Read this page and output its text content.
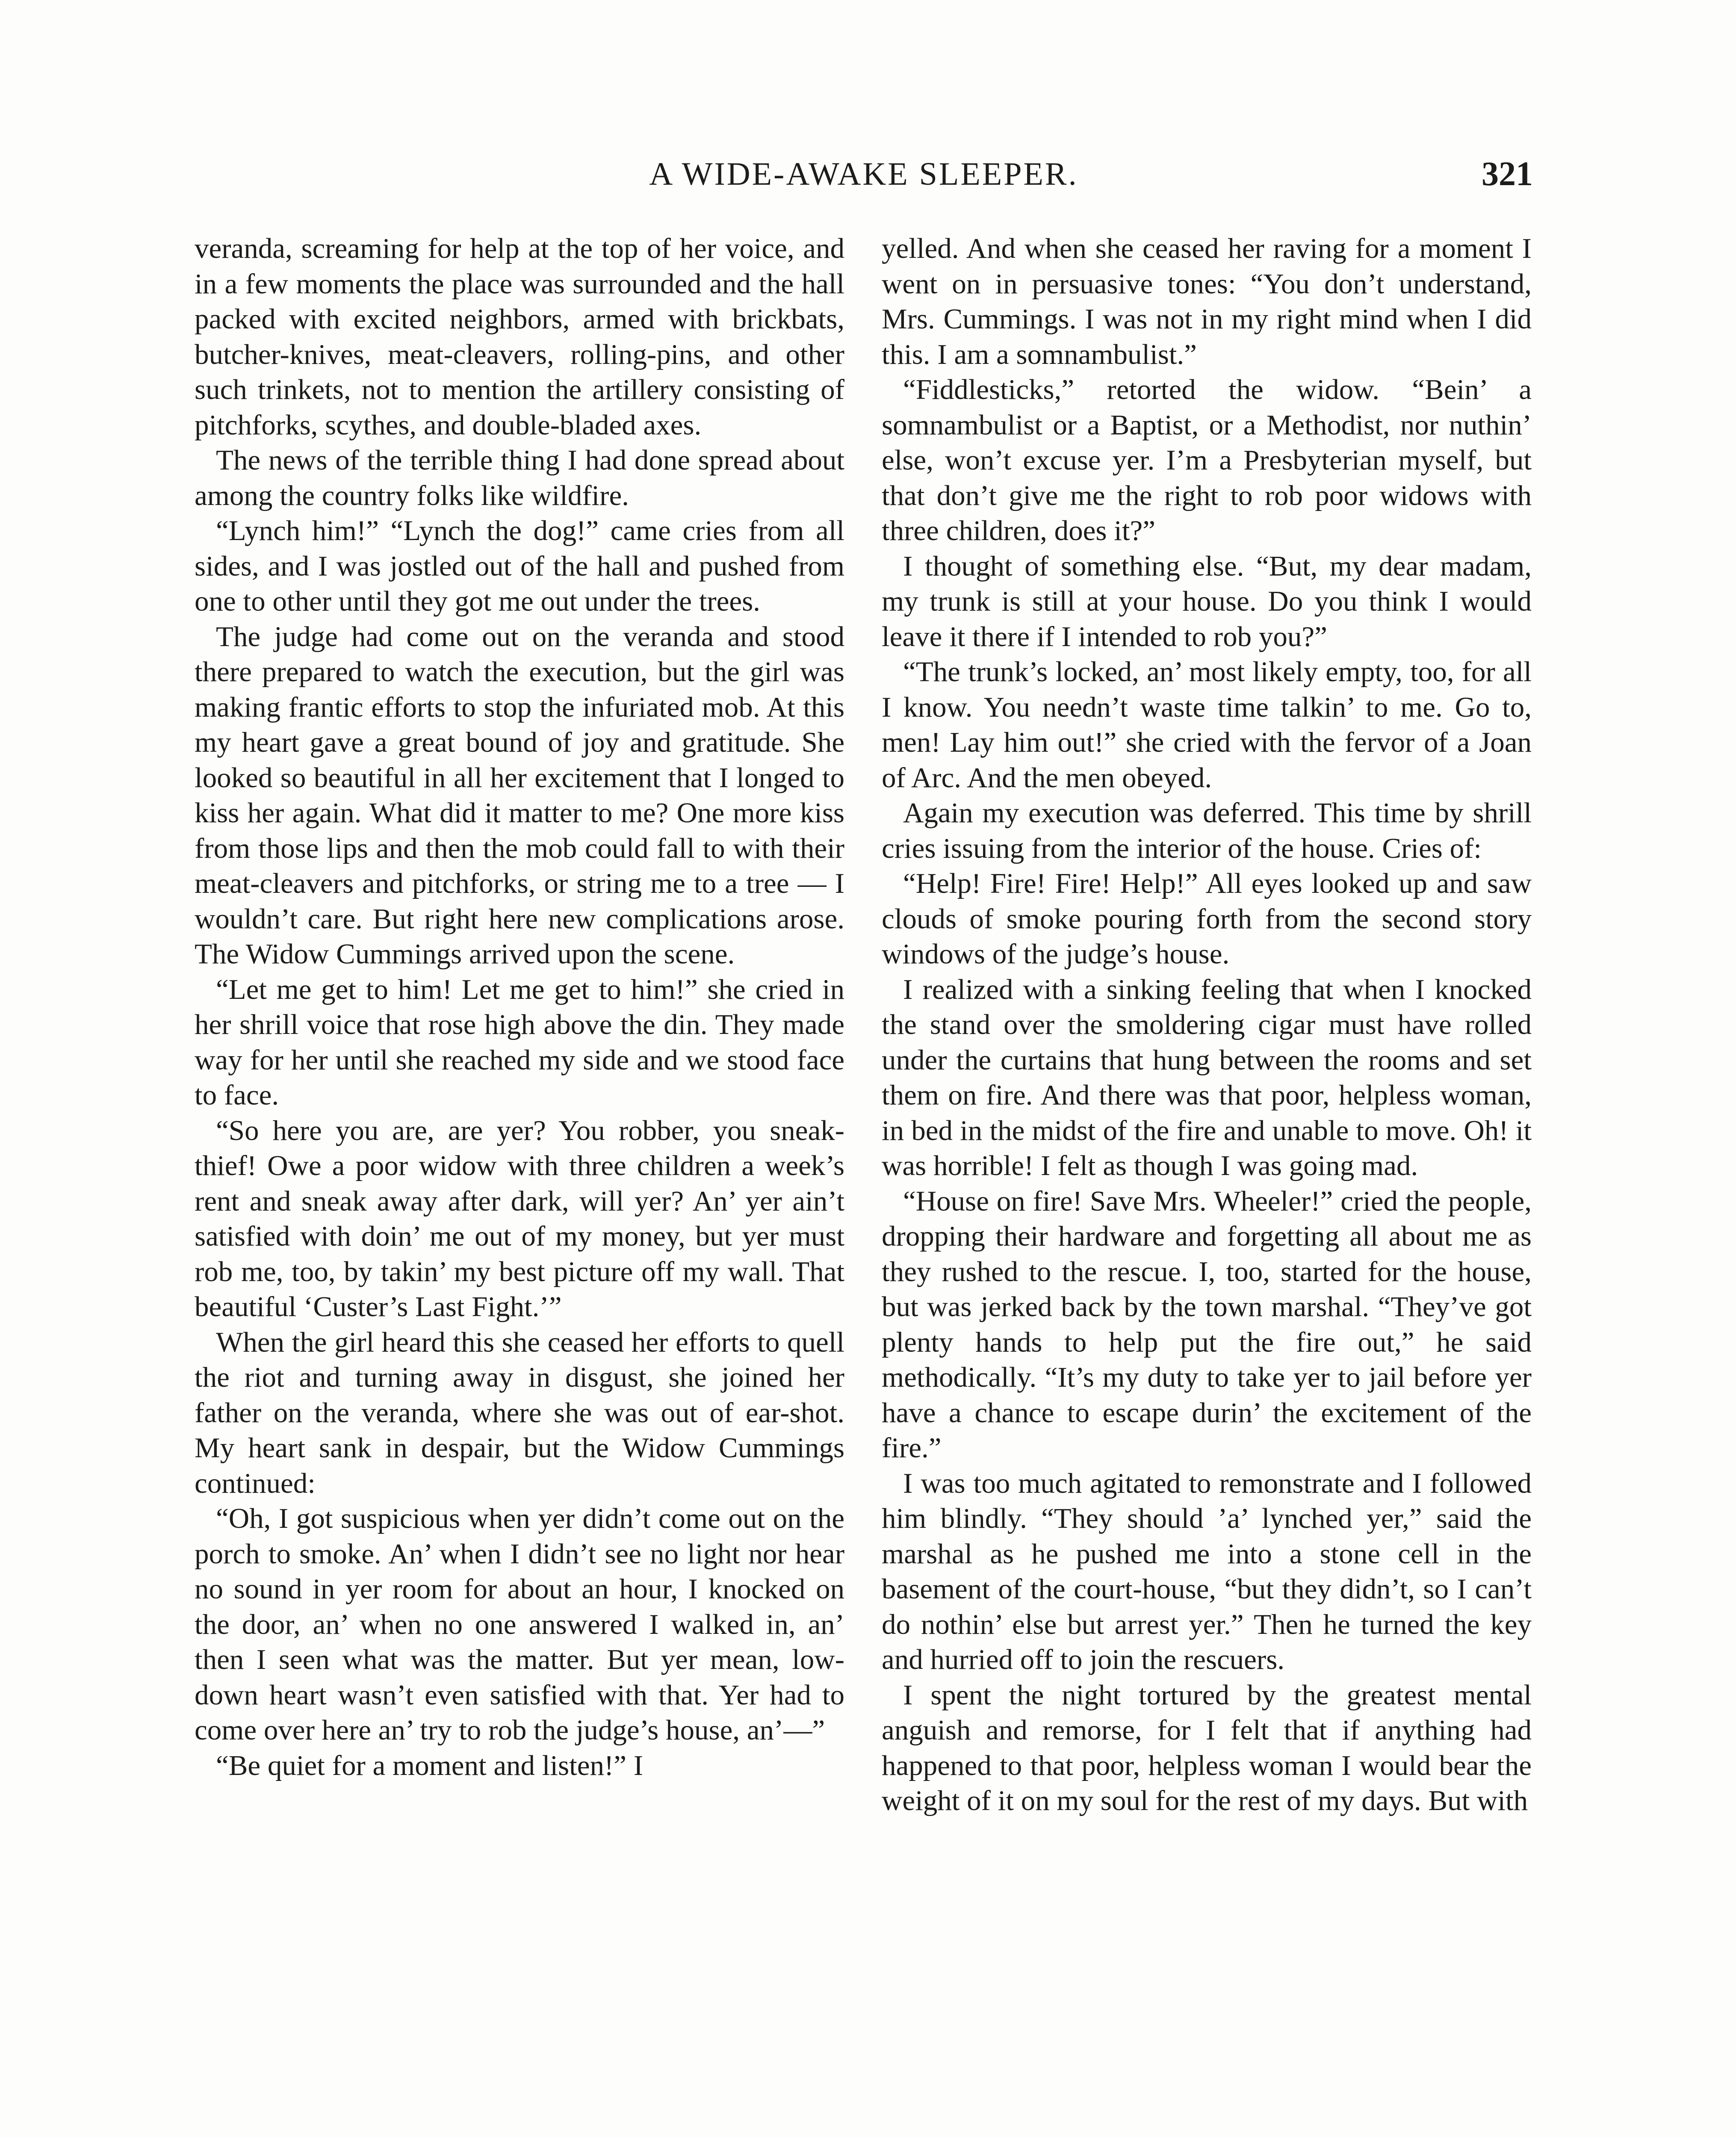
A WIDE-AWAKE SLEEPER.	321

veranda, screaming for help at the top of her voice, and in a few moments the place was surrounded and the hall packed with excited neighbors, armed with brickbats, butcher-knives, meat-cleavers, rolling-pins, and other such trinkets, not to mention the artillery consisting of pitchforks, scythes, and double-bladed axes.

The news of the terrible thing I had done spread about among the country folks like wildfire.

“Lynch him!” “Lynch the dog!” came cries from all sides, and I was jostled out of the hall and pushed from one to other until they got me out under the trees.

The judge had come out on the veranda and stood there prepared to watch the execution, but the girl was making frantic efforts to stop the infuriated mob. At this my heart gave a great bound of joy and gratitude. She looked so beautiful in all her excitement that I longed to kiss her again. What did it matter to me? One more kiss from those lips and then the mob could fall to with their meat-cleavers and pitchforks, or string me to a tree — I wouldn’t care. But right here new complications arose. The Widow Cummings arrived upon the scene.

“Let me get to him! Let me get to him!” she cried in her shrill voice that rose high above the din. They made way for her until she reached my side and we stood face to face.

“So here you are, are yer? You robber, you sneak-thief! Owe a poor widow with three children a week’s rent and sneak away after dark, will yer? An’ yer ain’t satisfied with doin’ me out of my money, but yer must rob me, too, by takin’ my best picture off my wall. That beautiful ‘Custer’s Last Fight.’”

When the girl heard this she ceased her efforts to quell the riot and turning away in disgust, she joined her father on the veranda, where she was out of ear-shot. My heart sank in despair, but the Widow Cummings continued:

“Oh, I got suspicious when yer didn’t come out on the porch to smoke. An’ when I didn’t see no light nor hear no sound in yer room for about an hour, I knocked on the door, an’ when no one answered I walked in, an’ then I seen what was the matter. But yer mean, low-down heart wasn’t even satisfied with that. Yer had to come over here an’ try to rob the judge’s house, an’—”

“Be quiet for a moment and listen!” I

yelled. And when she ceased her raving for a moment I went on in persuasive tones: “You don’t understand, Mrs. Cummings. I was not in my right mind when I did this. I am a somnambulist.”

“Fiddlesticks,” retorted the widow. “Bein’ a somnambulist or a Baptist, or a Methodist, nor nuthin’ else, won’t excuse yer. I’m a Presbyterian myself, but that don’t give me the right to rob poor widows with three children, does it?”

I thought of something else. “But, my dear madam, my trunk is still at your house. Do you think I would leave it there if I intended to rob you?”

“The trunk’s locked, an’ most likely empty, too, for all I know. You needn’t waste time talkin’ to me. Go to, men! Lay him out!” she cried with the fervor of a Joan of Arc. And the men obeyed.

Again my execution was deferred. This time by shrill cries issuing from the interior of the house. Cries of:

“Help! Fire! Fire! Help!” All eyes looked up and saw clouds of smoke pouring forth from the second story windows of the judge’s house.

I realized with a sinking feeling that when I knocked the stand over the smoldering cigar must have rolled under the curtains that hung between the rooms and set them on fire. And there was that poor, helpless woman, in bed in the midst of the fire and unable to move. Oh! it was horrible! I felt as though I was going mad.

“House on fire! Save Mrs. Wheeler!” cried the people, dropping their hardware and forgetting all about me as they rushed to the rescue. I, too, started for the house, but was jerked back by the town marshal. “They’ve got plenty hands to help put the fire out,” he said methodically. “It’s my duty to take yer to jail before yer have a chance to escape durin’ the excitement of the fire.”

I was too much agitated to remonstrate and I followed him blindly. “They should ’a’ lynched yer,” said the marshal as he pushed me into a stone cell in the basement of the court-house, “but they didn’t, so I can’t do nothin’ else but arrest yer.” Then he turned the key and hurried off to join the rescuers.

I spent the night tortured by the greatest mental anguish and remorse, for I felt that if anything had happened to that poor, helpless woman I would bear the weight of it on my soul for the rest of my days. But with
